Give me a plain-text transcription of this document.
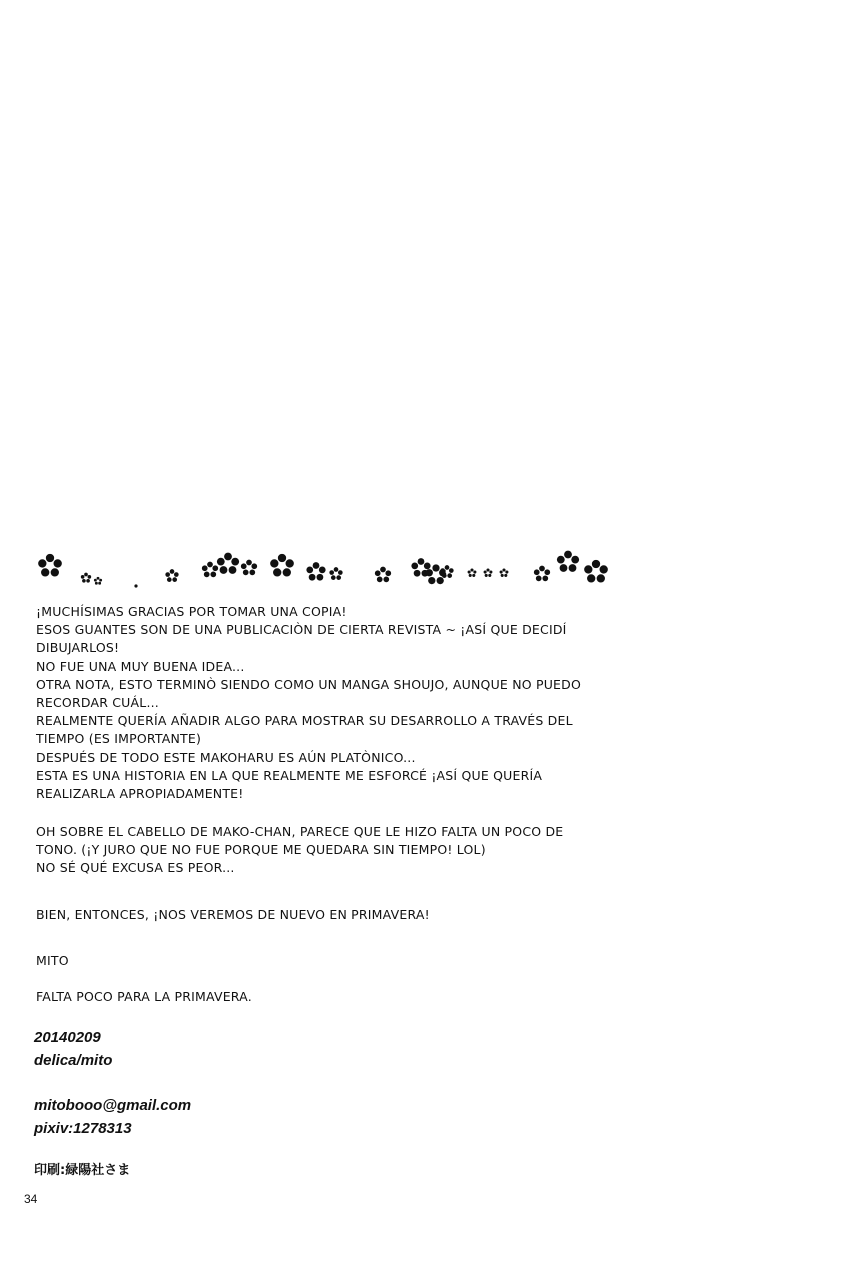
¡MUCHÍSIMAS GRACIAS POR TOMAR UNA COPIA!
ESOS GUANTES SON DE UNA PUBLICACIÒN DE CIERTA REVISTA ~ ¡ASÍ QUE DECIDÍ
DIBUJARLOS!
NO FUE UNA MUY BUENA IDEA...
OTRA NOTA, ESTO TERMINÒ SIENDO COMO UN MANGA SHOUJO, AUNQUE NO PUEDO
RECORDAR CUÁL...
REALMENTE QUERÍA AÑADIR ALGO PARA MOSTRAR SU DESARROLLO A TRAVÉS DEL
TIEMPO (ES IMPORTANTE)
DESPUÉS DE TODO ESTE MAKOHARU ES AÚN PLATÒNICO...
ESTA ES UNA HISTORIA EN LA QUE REALMENTE ME ESFORCÉ ¡ASÍ QUE QUERÍA
REALIZARLA APROPIADAMENTE!
OH SOBRE EL CABELLO DE MAKO-CHAN, PARECE QUE LE HIZO FALTA UN POCO DE
TONO. (¡Y JURO QUE NO FUE PORQUE ME QUEDARA SIN TIEMPO! LOL)
NO SÉ QUÉ EXCUSA ES PEOR...
BIEN, ENTONCES, ¡NOS VEREMOS DE NUEVO EN PRIMAVERA!
MITO
FALTA POCO PARA LA PRIMAVERA.
20140209
delica/mito
mitobooo@gmail.com
pixiv:1278313
印刷:緑陽社さま
34
